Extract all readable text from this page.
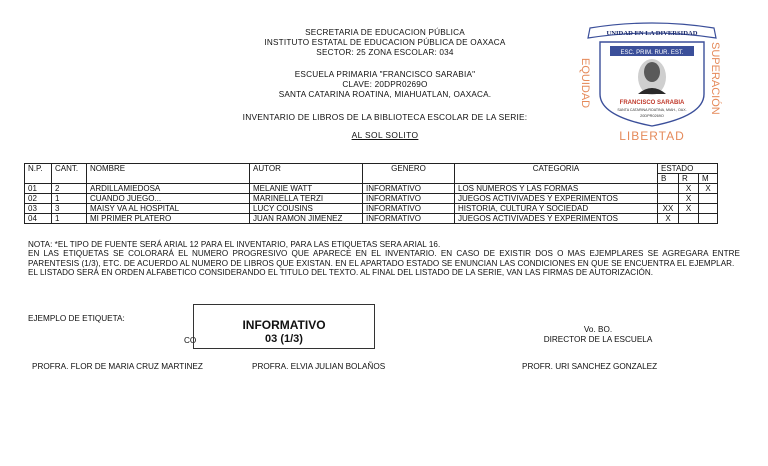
SECRETARIA DE EDUCACION PÚBLICA
INSTITUTO ESTATAL DE EDUCACION PÚBLICA DE OAXACA
SECTOR: 25 ZONA ESCOLAR: 034
ESCUELA PRIMARIA "FRANCISCO SARABIA"
CLAVE: 20DPR0269O
SANTA CATARINA ROATINA, MIAHUATLAN, OAXACA.
INVENTARIO DE LIBROS DE LA BIBLIOTECA ESCOLAR DE LA SERIE:
AL SOL SOLITO
UNIDAD EN LA DIVERSIDAD
ESC. PRIM. RUR. EST.
FRANCISCO SARABIA
SANTA CATARINA ROATINA, MIAH., OAX.
20DPR0269O
EQUIDAD	SUPERACIÓN
LIBERTAD
N.P.	CANT.	NOMBRE	AUTOR	GENERO	CATEGORIA	ESTADO		
						B	R	M
01	2	ARDILLAMIEDOSA	MELANIE WATT	INFORMATIVO	LOS NUMEROS Y LAS FORMAS		X	X
02	1	CUANDO JUEGO...	MARINELLA TERZI	INFORMATIVO	JUEGOS ACTIVIVADES Y EXPERIMENTOS		X	
03	3	MAISY VA AL HOSPITAL	LUCY COUSINS	INFORMATIVO	HISTORIA, CULTURA Y SOCIEDAD	XX	X	
04	1	MI PRIMER PLATERO	JUAN RAMON JIMENEZ	INFORMATIVO	JUEGOS ACTIVIVADES Y EXPERIMENTOS	X		

NOTA: *EL TIPO DE FUENTE SERÁ ARIAL 12 PARA EL INVENTARIO, PARA LAS ETIQUETAS SERA ARIAL 16.

EN LAS ETIQUETAS SE COLORARÁ EL NUMERO PROGRESIVO QUE APARECE EN EL INVENTARIO. EN CASO DE EXISTIR DOS O MAS EJEMPLARES SE AGREGARA ENTRE PARENTESIS (1/3), ETC. DE ACUERDO AL NUMERO DE LIBROS QUE EXISTAN. EN EL APARTADO ESTADO SE ENUNCIAN LAS CONDICIONES EN QUE SE ENCUENTRA EL EJEMPLAR.

EL LISTADO SERÁ EN ORDEN ALFABETICO CONSIDERANDO EL TITULO DEL TEXTO. AL FINAL DEL LISTADO DE LA SERIE, VAN LAS FIRMAS DE AUTORIZACIÓN.

EJEMPLO DE ETIQUETA:
CO
INFORMATIVO
03 (1/3)
Vo. BO.
DIRECTOR DE LA ESCUELA
PROFRA. FLOR DE MARIA CRUZ MARTINEZ	PROFRA. ELVIA JULIAN BOLAÑOS	PROFR. URI SANCHEZ GONZALEZ
